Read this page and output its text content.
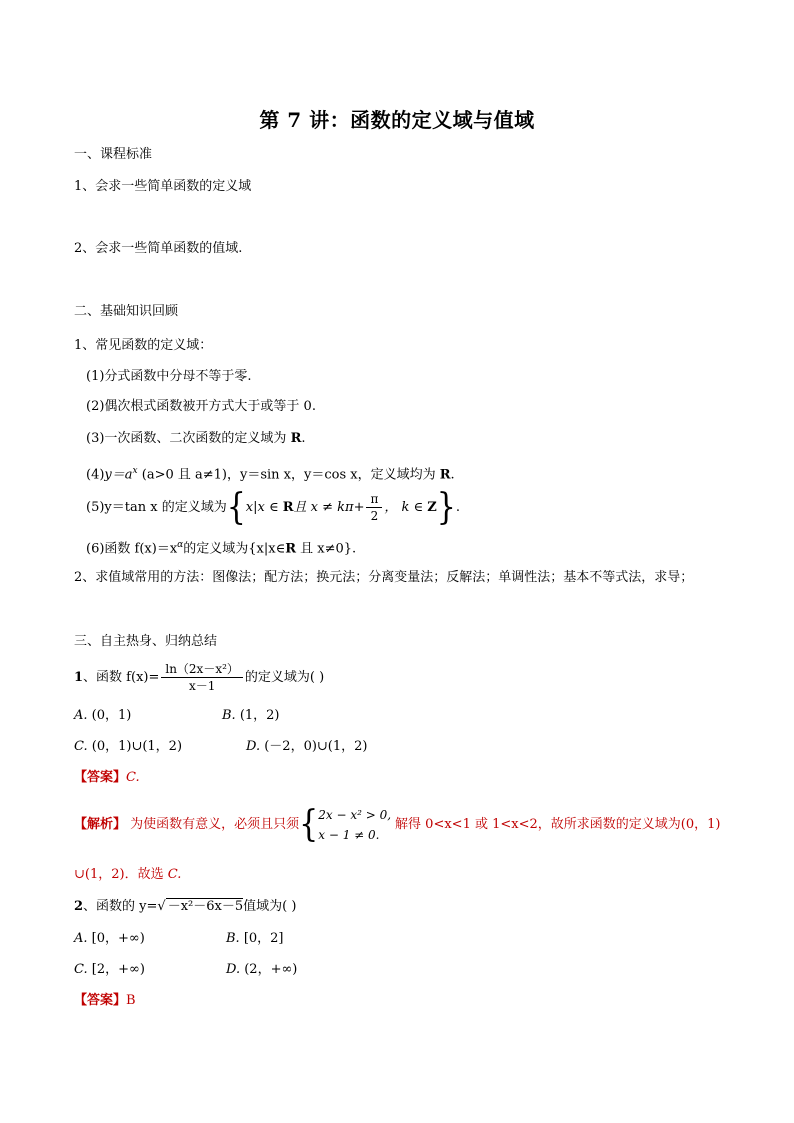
第 7 讲：函数的定义域与值域
一、课程标准
1、会求一些简单函数的定义域
2、会求一些简单函数的值域.
二、基础知识回顾
1、常见函数的定义域：
(1)分式函数中分母不等于零.
(2)偶次根式函数被开方式大于或等于 0.
(3)一次函数、二次函数的定义域为 R.
$(4)y=a^x$ (a>0 且 a≠1)，y＝sin x，y＝cos x，定义域均为 R.
(5)y＝tan x 的定义域为{x|x ∈ R且 $x \ne k\pi+ \frac{\pi}{2}$ ， k ∈ Z}.
(6)函数 $f(x)=x^\alpha$的定义域为{x|x∈R 且 x≠0}.
2、求值域常用的方法：图像法；配方法；换元法；分离变量法；反解法；单调性法；基本不等式法，求导；
三、自主热身、归纳总结
1、函数 $f(x)= \frac{\text{ln（2x－x²）}}{x-1}$ 的定义域为( )
A. (0，1)	B. (1，2)
C. (0，1)∪(1，2)	D. (－2，0)∪(1，2)
【答案】C.
【解析】 为使函数有意义，必须且只须{ 2x − x² > 0,
x − 1 ≠ 0.
解得 0<x<1 或 1<x<2，故所求函数的定义域为(0，1)
∪(1，2)．故选 C.
2、函数的 y=√ －x²－6x－5值域为( )
A. [0，+∞)	B. [0，2]
C. [2，+∞)	D. (2，+∞)
【答案】B
